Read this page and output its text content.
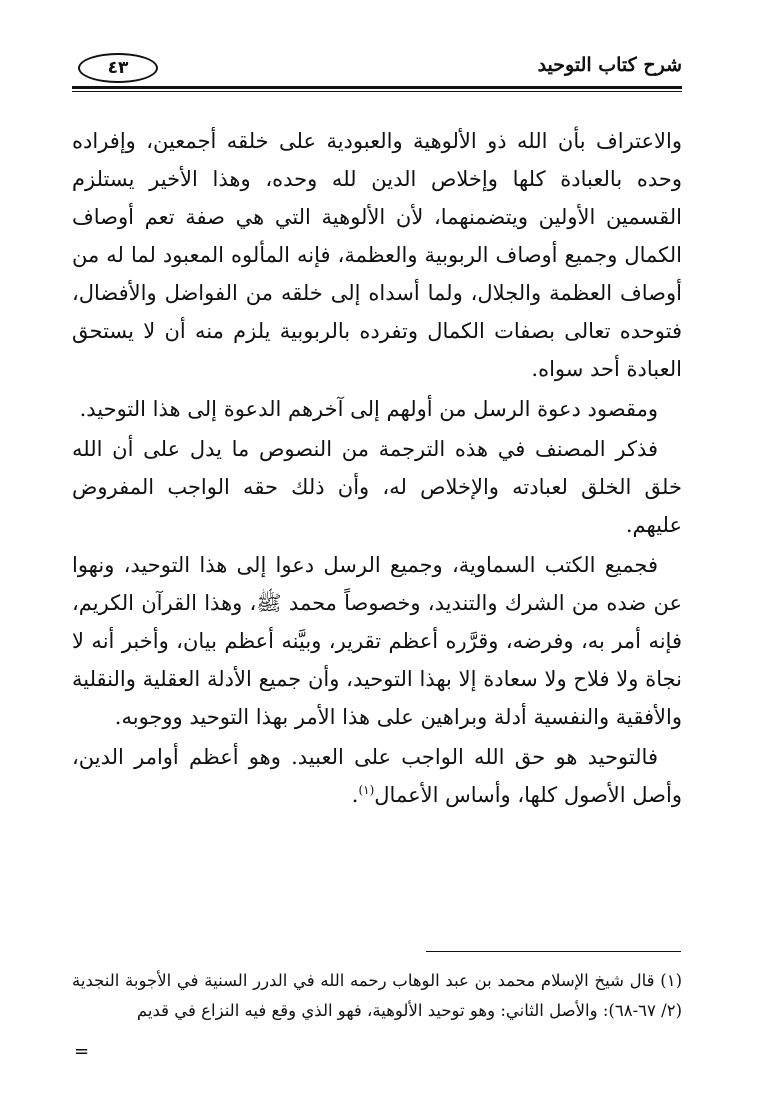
شرح كتاب التوحيد
٤٣

والاعتراف بأن الله ذو الألوهية والعبودية على خلقه أجمعين، وإفراده وحده بالعبادة كلها وإخلاص الدين لله وحده، وهذا الأخير يستلزم القسمين الأولين ويتضمنهما، لأن الألوهية التي هي صفة تعم أوصاف الكمال وجميع أوصاف الربوبية والعظمة، فإنه المألوه المعبود لما له من أوصاف العظمة والجلال، ولما أسداه إلى خلقه من الفواضل والأفضال، فتوحده تعالى بصفات الكمال وتفرده بالربوبية يلزم منه أن لا يستحق العبادة أحد سواه.

ومقصود دعوة الرسل من أولهم إلى آخرهم الدعوة إلى هذا التوحيد.

فذكر المصنف في هذه الترجمة من النصوص ما يدل على أن الله خلق الخلق لعبادته والإخلاص له، وأن ذلك حقه الواجب المفروض عليهم.

فجميع الكتب السماوية، وجميع الرسل دعوا إلى هذا التوحيد، ونهوا عن ضده من الشرك والتنديد، وخصوصاً محمد ﷺ، وهذا القرآن الكريم، فإنه أمر به، وفرضه، وقرَّره أعظم تقرير، وبيَّنه أعظم بيان، وأخبر أنه لا نجاة ولا فلاح ولا سعادة إلا بهذا التوحيد، وأن جميع الأدلة العقلية والنقلية والأفقية والنفسية أدلة وبراهين على هذا الأمر بهذا التوحيد ووجوبه.

فالتوحيد هو حق الله الواجب على العبيد. وهو أعظم أوامر الدين، وأصل الأصول كلها، وأساس الأعمال$^{(١)}$.

(١) قال شيخ الإسلام محمد بن عبد الوهاب رحمه الله في الدرر السنية في الأجوبة النجدية (٢/ ٦٧-٦٨): والأصل الثاني: وهو توحيد الألوهية، فهو الذي وقع فيه النزاع في قديم

=
